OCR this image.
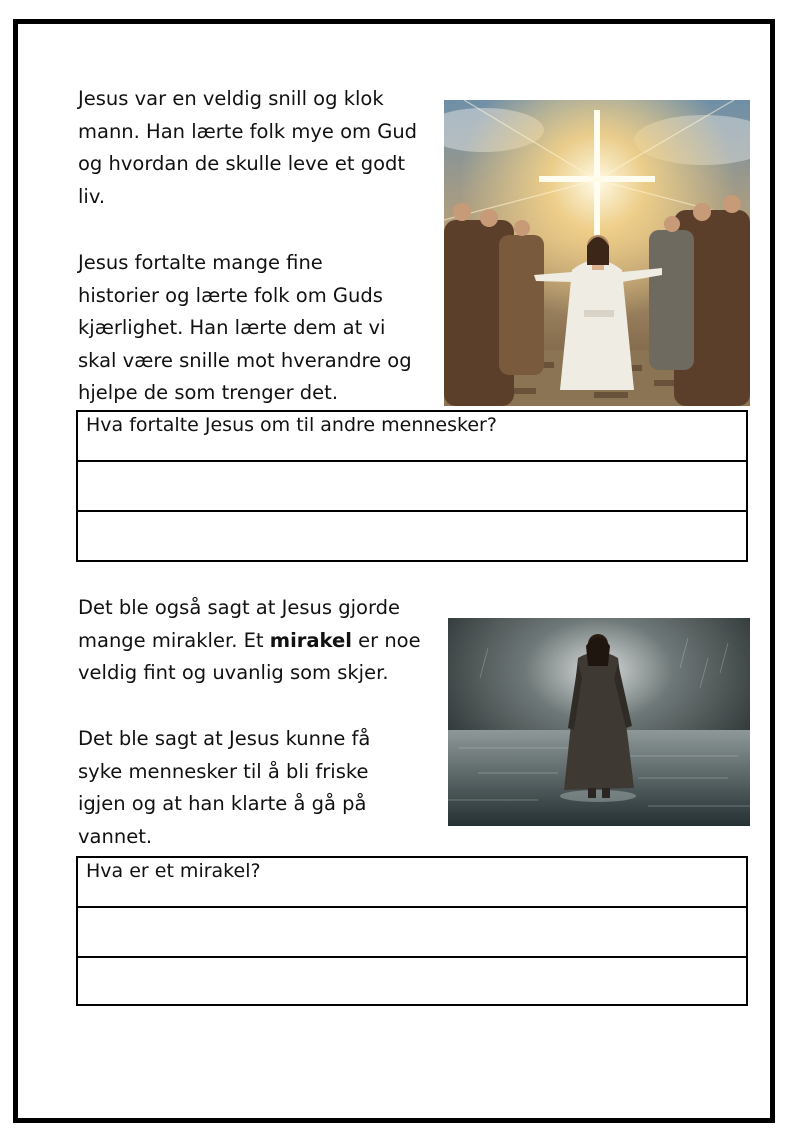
Jesus var en veldig snill og klok
mann. Han lærte folk mye om Gud
og hvordan de skulle leve et godt
liv.
Jesus fortalte mange fine
historier og lærte folk om Guds
kjærlighet. Han lærte dem at vi
skal være snille mot hverandre og
hjelpe de som trenger det.
Hva fortalte Jesus om til andre mennesker?
Det ble også sagt at Jesus gjorde
mange mirakler. Et mirakel er noe
veldig fint og uvanlig som skjer.
Det ble sagt at Jesus kunne få
syke mennesker til å bli friske
igjen og at han klarte å gå på
vannet.
Hva er et mirakel?
